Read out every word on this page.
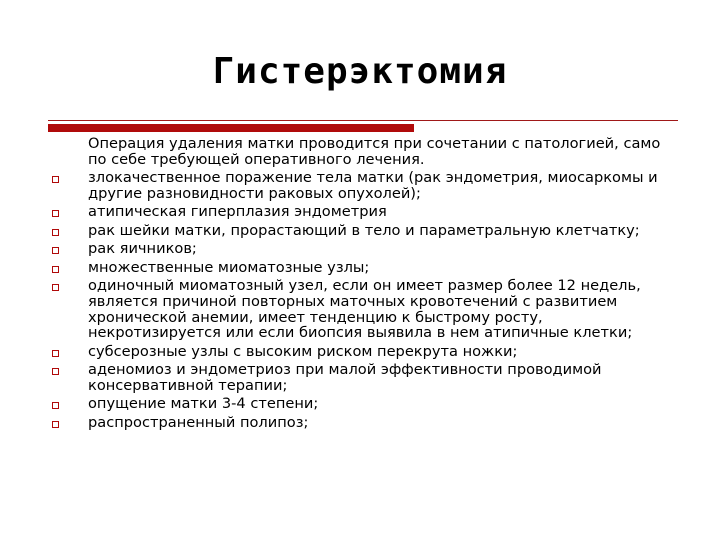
Гистерэктомия

Операция удаления матки проводится при сочетании с патологией, само по себе требующей оперативного лечения.

злокачественное поражение тела матки (рак эндометрия, миосаркомы и другие разновидности раковых опухолей);
атипическая гиперплазия эндометрия
рак шейки матки, прорастающий в тело и параметральную клетчатку;
рак яичников;
множественные миоматозные узлы;
одиночный миоматозный узел, если он имеет размер более 12 недель, является причиной повторных маточных кровотечений с развитием хронической анемии, имеет тенденцию к быстрому росту, некротизируется или если биопсия выявила в нем атипичные клетки;
субсерозные узлы с высоким риском перекрута ножки;
аденомиоз и эндометриоз при малой эффективности проводимой консервативной терапии;
опущение матки 3-4 степени;
распространенный полипоз;
